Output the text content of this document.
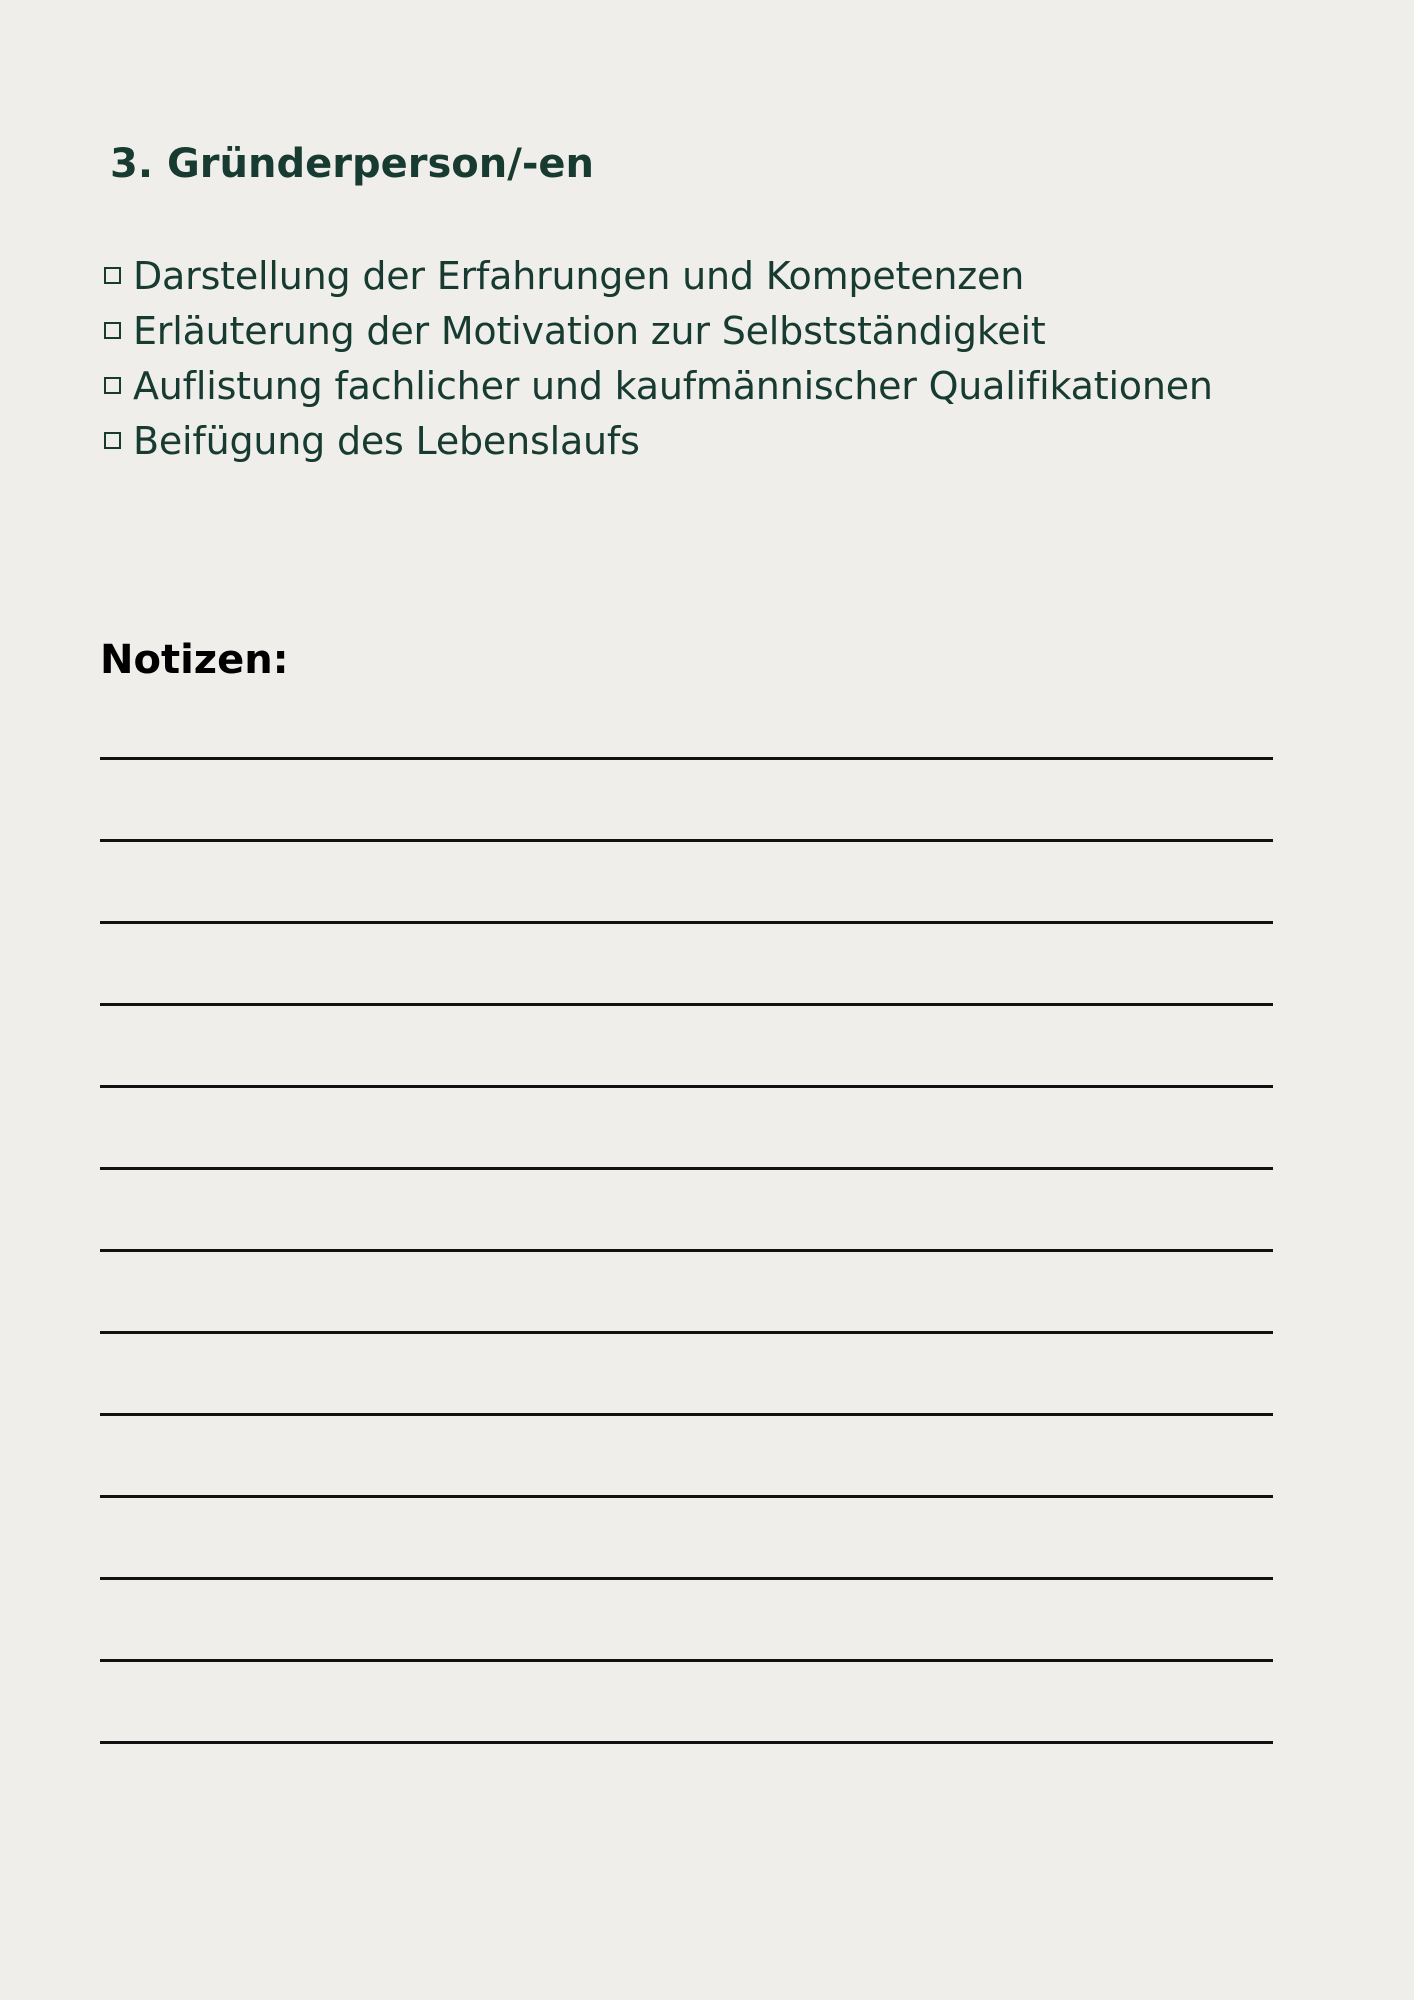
3. Gründerperson/-en
Darstellung der Erfahrungen und Kompetenzen
Erläuterung der Motivation zur Selbstständigkeit
Auflistung fachlicher und kaufmännischer Qualifikationen
Beifügung des Lebenslaufs
Notizen:
